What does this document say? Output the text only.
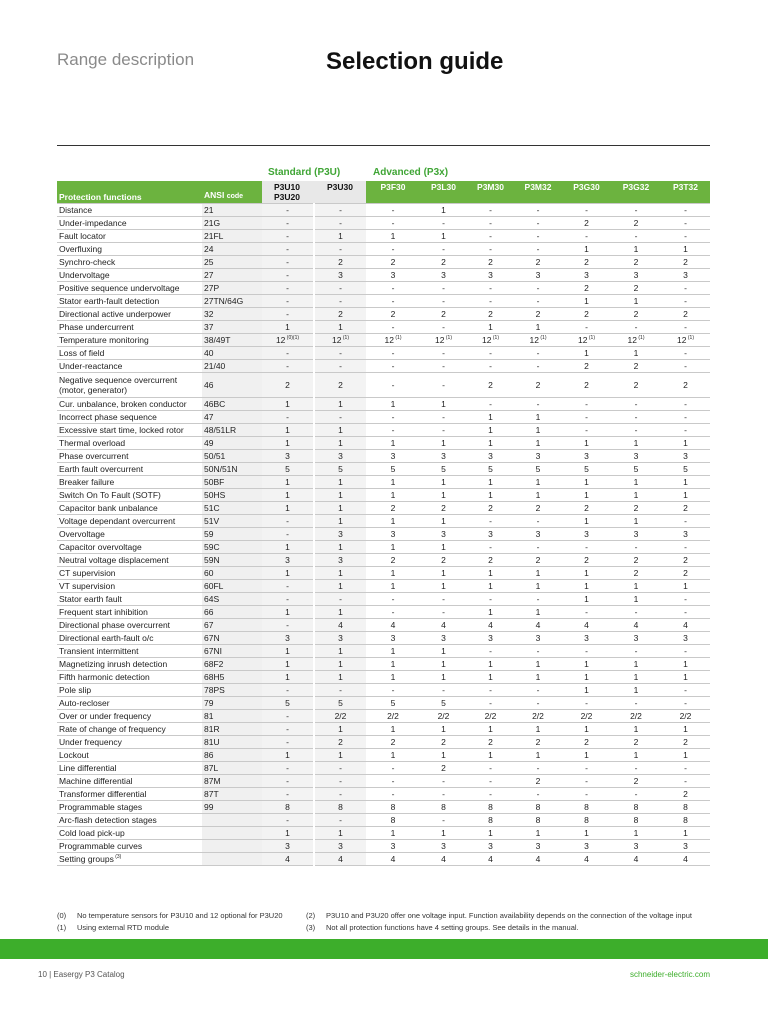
Range description	Selection guide
Standard (P3U)	Advanced (P3x)
Protection functions	ANSI code	P3U10
P3U20	P3U30	P3F30	P3L30	P3M30	P3M32	P3G30	P3G32	P3T32

Distance	21	-	-	-	1	-	-	-	-	-

Under-impedance	21G	-	-	-	-	-	-	2	2	-

Fault locator	21FL	-	1	1	1	-	-	-	-	-

Overfluxing	24	-	-	-	-	-	-	1	1	1

Synchro-check	25	-	2	2	2	2	2	2	2	2

Undervoltage	27	-	3	3	3	3	3	3	3	3

Positive sequence undervoltage	27P	-	-	-	-	-	-	2	2	-

Stator earth-fault detection	27TN/64G	-	-	-	-	-	-	1	1	-

Directional active underpower	32	-	2	2	2	2	2	2	2	2

Phase undercurrent	37	1	1	-	-	1	1	-	-	-

Temperature monitoring	38/49T	12 $^{(0)(1)}$	12 $^{(1)}$	12 $^{(1)}$	12 $^{(1)}$	12 $^{(1)}$	12 $^{(1)}$	12 $^{(1)}$	12 $^{(1)}$	12 $^{(1)}$

Loss of field	40	-	-	-	-	-	-	1	1	-

Under-reactance	21/40	-	-	-	-	-	-	2	2	-

Negative sequence overcurrent (motor, generator)	46	2	2	-	-	2	2	2	2	2

Cur. unbalance, broken conductor	46BC	1	1	1	1	-	-	-	-	-

Incorrect phase sequence	47	-	-	-	-	1	1	-	-	-

Excessive start time, locked rotor	48/51LR	1	1	-	-	1	1	-	-	-

Thermal overload	49	1	1	1	1	1	1	1	1	1

Phase overcurrent	50/51	3	3	3	3	3	3	3	3	3

Earth fault overcurrent	50N/51N	5	5	5	5	5	5	5	5	5

Breaker failure	50BF	1	1	1	1	1	1	1	1	1

Switch On To Fault (SOTF)	50HS	1	1	1	1	1	1	1	1	1

Capacitor bank unbalance	51C	1	1	2	2	2	2	2	2	2

Voltage dependant overcurrent	51V	-	1	1	1	-	-	1	1	-

Overvoltage	59	-	3	3	3	3	3	3	3	3

Capacitor overvoltage	59C	1	1	1	1	-	-	-	-	-

Neutral voltage displacement	59N	3	3	2	2	2	2	2	2	2

CT supervision	60	1	1	1	1	1	1	1	2	2

VT supervision	60FL	-	1	1	1	1	1	1	1	1

Stator earth fault	64S	-	-	-	-	-	-	1	1	-

Frequent start inhibition	66	1	1	-	-	1	1	-	-	-

Directional phase overcurrent	67	-	4	4	4	4	4	4	4	4

Directional earth-fault o/c	67N	3	3	3	3	3	3	3	3	3

Transient intermittent	67NI	1	1	1	1	-	-	-	-	-

Magnetizing inrush detection	68F2	1	1	1	1	1	1	1	1	1

Fifth harmonic detection	68H5	1	1	1	1	1	1	1	1	1

Pole slip	78PS	-	-	-	-	-	-	1	1	-

Auto-recloser	79	5	5	5	5	-	-	-	-	-

Over or under frequency	81	-	2/2	2/2	2/2	2/2	2/2	2/2	2/2	2/2

Rate of change of frequency	81R	-	1	1	1	1	1	1	1	1

Under frequency	81U	-	2	2	2	2	2	2	2	2

Lockout	86	1	1	1	1	1	1	1	1	1

Line differential	87L	-	-	-	2	-	-	-	-	-

Machine differential	87M	-	-	-	-	-	2	-	2	-

Transformer differential	87T	-	-	-	-	-	-	-	-	2

Programmable stages	99	8	8	8	8	8	8	8	8	8

Arc-flash detection stages		-	-	8	-	8	8	8	8	8

Cold load pick-up		1	1	1	1	1	1	1	1	1

Programmable curves		3	3	3	3	3	3	3	3	3
Setting groups $^{(3)}$		4	4	4	4	4	4	4	4	4
(0) No temperature sensors for P3U10 and 12 optional for P3U20
(1) Using external RTD module
(2) P3U10 and P3U20 offer one voltage input. Function availability depends on the connection of the voltage input
(3) Not all protection functions have 4 setting groups. See details in the manual.
10 | Easergy P3 Catalog	schneider-electric.com
